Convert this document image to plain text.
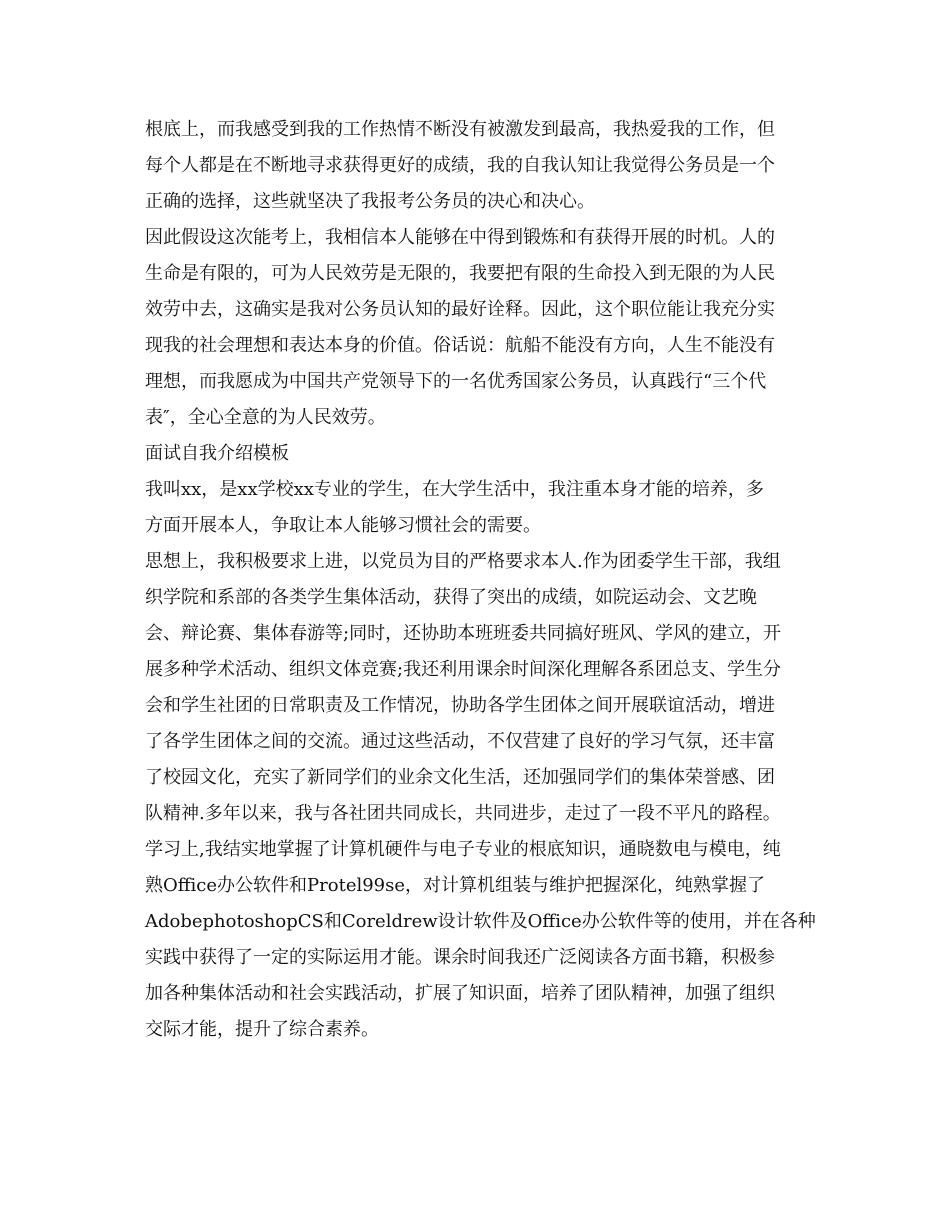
根底上，而我感受到我的工作热情不断没有被激发到最高，我热爱我的工作，但
每个人都是在不断地寻求获得更好的成绩，我的自我认知让我觉得公务员是一个
正确的选择，这些就坚决了我报考公务员的决心和决心。
因此假设这次能考上，我相信本人能够在中得到锻炼和有获得开展的时机。人的
生命是有限的，可为人民效劳是无限的，我要把有限的生命投入到无限的为人民
效劳中去，这确实是我对公务员认知的最好诠释。因此，这个职位能让我充分实
现我的社会理想和表达本身的价值。俗话说：航船不能没有方向，人生不能没有
理想，而我愿成为中国共产党领导下的一名优秀国家公务员，认真践行“三个代
表″，全心全意的为人民效劳。
面试自我介绍模板
我叫xx，是xx学校xx专业的学生，在大学生活中，我注重本身才能的培养，多
方面开展本人，争取让本人能够习惯社会的需要。
思想上，我积极要求上进，以党员为目的严格要求本人.作为团委学生干部，我组
织学院和系部的各类学生集体活动，获得了突出的成绩，如院运动会、文艺晚
会、辩论赛、集体春游等;同时，还协助本班班委共同搞好班风、学风的建立，开
展多种学术活动、组织文体竞赛;我还利用课余时间深化理解各系团总支、学生分
会和学生社团的日常职责及工作情况，协助各学生团体之间开展联谊活动，增进
了各学生团体之间的交流。通过这些活动，不仅营建了良好的学习气氛，还丰富
了校园文化，充实了新同学们的业余文化生活，还加强同学们的集体荣誉感、团
队精神.多年以来，我与各社团共同成长，共同进步，走过了一段不平凡的路程。
学习上,我结实地掌握了计算机硬件与电子专业的根底知识，通晓数电与模电，纯
熟Office办公软件和Protel99se，对计算机组装与维护把握深化，纯熟掌握了
AdobephotoshopCS和Coreldrew设计软件及Office办公软件等的使用，并在各种
实践中获得了一定的实际运用才能。课余时间我还广泛阅读各方面书籍，积极参
加各种集体活动和社会实践活动，扩展了知识面，培养了团队精神，加强了组织
交际才能，提升了综合素养。
